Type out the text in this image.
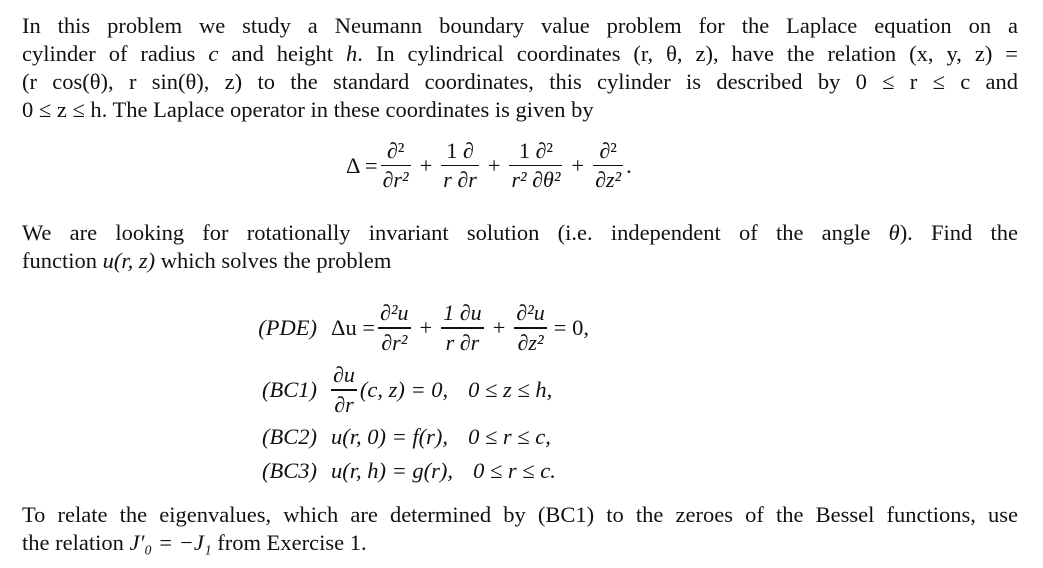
In this problem we study a Neumann boundary value problem for the Laplace equation on a
cylinder of radius c and height h. In cylindrical coordinates (r, θ, z), have the relation (x, y, z) =
(r cos(θ), r sin(θ), z) to the standard coordinates, this cylinder is described by 0 ≤ r ≤ c and
0 ≤ z ≤ h. The Laplace operator in these coordinates is given by
$\Delta = \frac{\text{∂²}}{\text{∂r²}} + \frac{1 \partial}{r \partial r} + \frac{\text{1 ∂²}}{\text{r² ∂θ²}} + \frac{\text{∂²}}{\text{∂z²}}$ .
We are looking for rotationally invariant solution (i.e. independent of the angle θ). Find the
function u(r, z) which solves the problem
(PDE) $\Delta u = \frac{\text{∂²u}}{\text{∂r²}} + \frac{1 \partial u}{r \partial r} + \frac{\text{∂²u}}{\text{∂z²}} = 0$,
$(BC1) \frac{\partial u}{\partial r} (c$, z) = 0, 0 ≤ z ≤ h,
(BC2) u(r, 0) = f(r), 0 ≤ r ≤ c,
(BC3) u(r, h) = g(r), 0 ≤ r ≤ c.
To relate the eigenvalues, which are determined by (BC1) to the zeroes of the Bessel functions, use
the relation J′₀ = −J₁ from Exercise 1.
